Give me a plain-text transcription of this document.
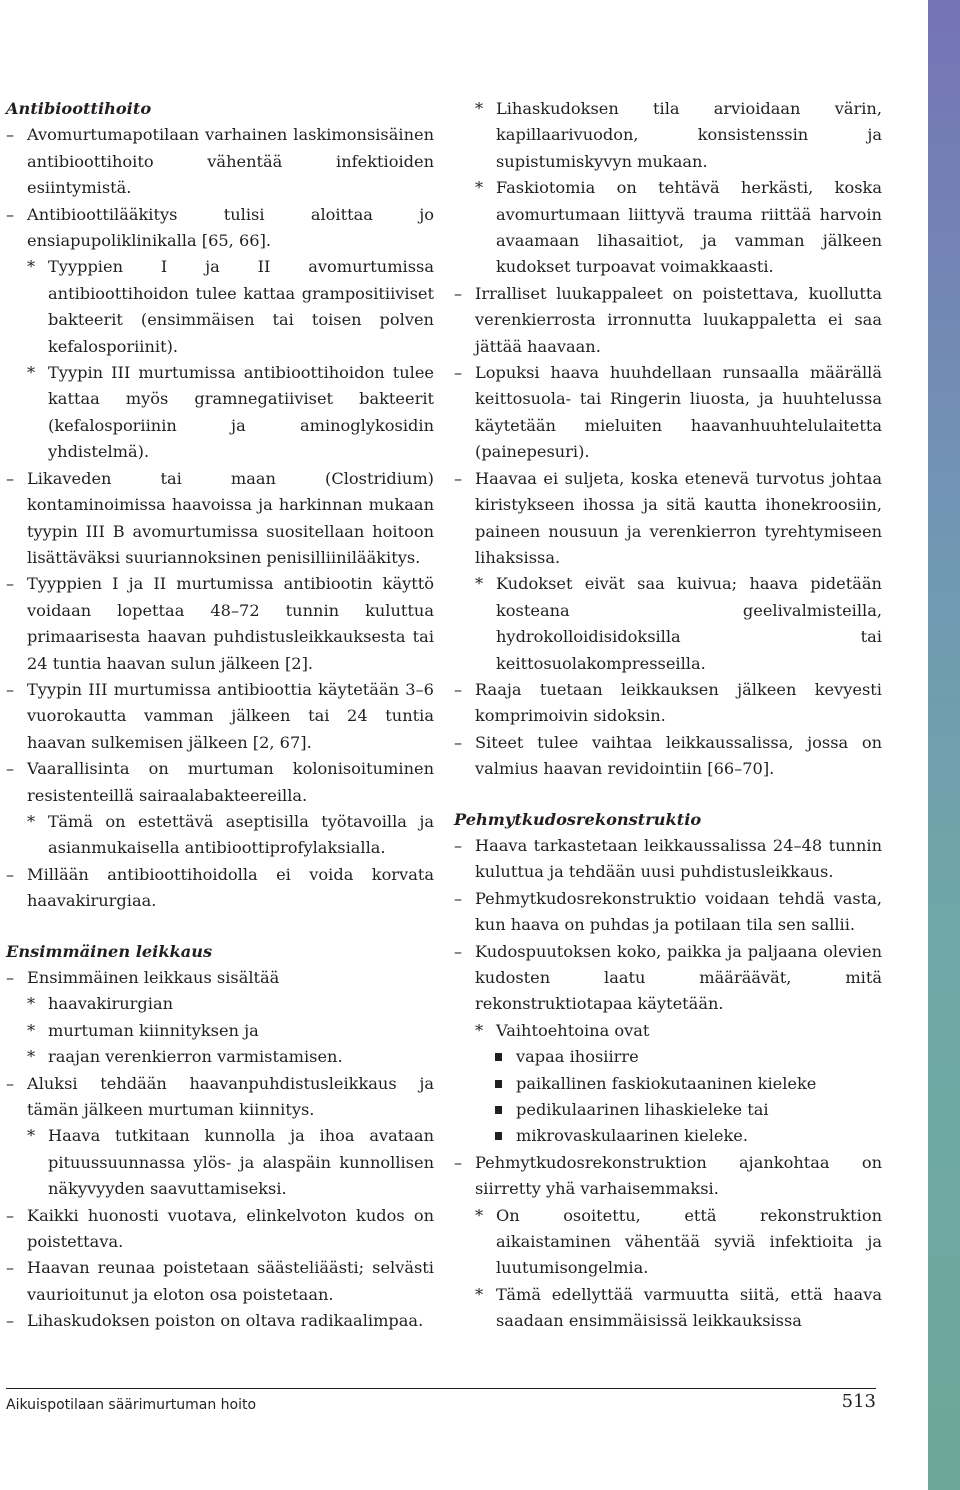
Antibioottihoito
– Avomurtumapotilaan varhainen laskimonsisäinen antibioottihoito vähentää infektioiden esiintymistä.
– Antibioottilääkitys tulisi aloittaa jo ensiapupoliklinikalla [65, 66].
* Tyyppien I ja II avomurtumissa antibioottihoidon tulee kattaa grampositiiviset bakteerit (ensimmäisen tai toisen polven kefalosporiinit).
* Tyypin III murtumissa antibioottihoidon tulee kattaa myös gramnegatiiviset bakteerit (kefalosporiinin ja aminoglykosidin yhdistelmä).
– Likaveden tai maan (Clostridium) kontaminoimissa haavoissa ja harkinnan mukaan tyypin III B avomurtumissa suositellaan hoitoon lisättäväksi suuriannoksinen penisilliinilääkitys.
– Tyyppien I ja II murtumissa antibiootin käyttö voidaan lopettaa 48–72 tunnin kuluttua primaarisesta haavan puhdistusleikkauksesta tai 24 tuntia haavan sulun jälkeen [2].
– Tyypin III murtumissa antibioottia käytetään 3–6 vuorokautta vamman jälkeen tai 24 tuntia haavan sulkemisen jälkeen [2, 67].
– Vaarallisinta on murtuman kolonisoituminen resistenteillä sairaalabakteereilla.
* Tämä on estettävä aseptisilla työtavoilla ja asianmukaisella antibioottiprofylaksialla.
– Millään antibioottihoidolla ei voida korvata haavakirurgiaa.
Ensimmäinen leikkaus
– Ensimmäinen leikkaus sisältää
* haavakirurgian
* murtuman kiinnityksen ja
* raajan verenkierron varmistamisen.
– Aluksi tehdään haavanpuhdistusleikkaus ja tämän jälkeen murtuman kiinnitys.
* Haava tutkitaan kunnolla ja ihoa avataan pituussuunnassa ylös- ja alaspäin kunnollisen näkyvyyden saavuttamiseksi.
– Kaikki huonosti vuotava, elinkelvoton kudos on poistettava.
– Haavan reunaa poistetaan säästeliäästi; selvästi vaurioitunut ja eloton osa poistetaan.
– Lihaskudoksen poiston on oltava radikaalimpaa.
* Lihaskudoksen tila arvioidaan värin, kapillaarivuodon, konsistenssin ja supistumiskyvyn mukaan.
* Faskiotomia on tehtävä herkästi, koska avomurtumaan liittyvä trauma riittää harvoin avaamaan lihasaitiot, ja vamman jälkeen kudokset turpoavat voimakkaasti.
– Irralliset luukappaleet on poistettava, kuollutta verenkierrosta irronnutta luukappaletta ei saa jättää haavaan.
– Lopuksi haava huuhdellaan runsaalla määrällä keittosuola- tai Ringerin liuosta, ja huuhtelussa käytetään mieluiten haavanhuuhtelulaitetta (painepesuri).
– Haavaa ei suljeta, koska etenevä turvotus johtaa kiristykseen ihossa ja sitä kautta ihonekroosiin, paineen nousuun ja verenkierron tyrehtymiseen lihaksissa.
* Kudokset eivät saa kuivua; haava pidetään kosteana geelivalmisteilla, hydrokolloidisidoksilla tai keittosuolakompresseilla.
– Raaja tuetaan leikkauksen jälkeen kevyesti komprimoivin sidoksin.
– Siteet tulee vaihtaa leikkaussalissa, jossa on valmius haavan revidointiin [66–70].
Pehmytkudosrekonstruktio
– Haava tarkastetaan leikkaussalissa 24–48 tunnin kuluttua ja tehdään uusi puhdistusleikkaus.
– Pehmytkudosrekonstruktio voidaan tehdä vasta, kun haava on puhdas ja potilaan tila sen sallii.
– Kudospuutoksen koko, paikka ja paljaana olevien kudosten laatu määräävät, mitä rekonstruktiotapaa käytetään.
* Vaihtoehtoina ovat
vapaa ihosiirre
paikallinen faskiokutaaninen kieleke
pedikulaarinen lihaskieleke tai
mikrovaskulaarinen kieleke.
– Pehmytkudosrekonstruktion ajankohtaa on siirretty yhä varhaisemmaksi.
* On osoitettu, että rekonstruktion aikaistaminen vähentää syviä infektioita ja luutumisongelmia.
* Tämä edellyttää varmuutta siitä, että haava saadaan ensimmäisissä leikkauksissa
Aikuispotilaan säärimurtuman hoito	513
